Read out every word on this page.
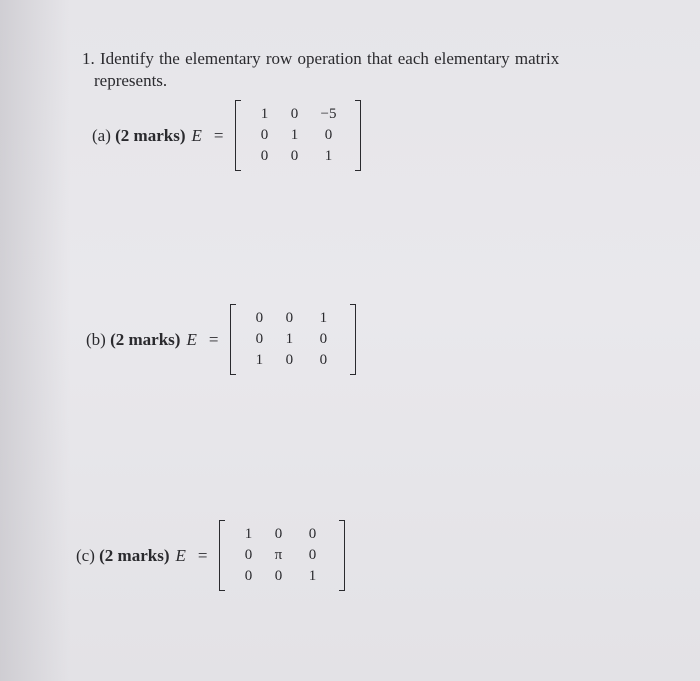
1. Identify the elementary row operation that each elementary matrix
represents.
(a)
(2 marks) E =
1	0	−5
0	1	0
0	0	1
(b)
(2 marks) E =
0	0	1
0	1	0
1	0	0
(c)
(2 marks) E =
1	0	0
0	π	0
0	0	1
